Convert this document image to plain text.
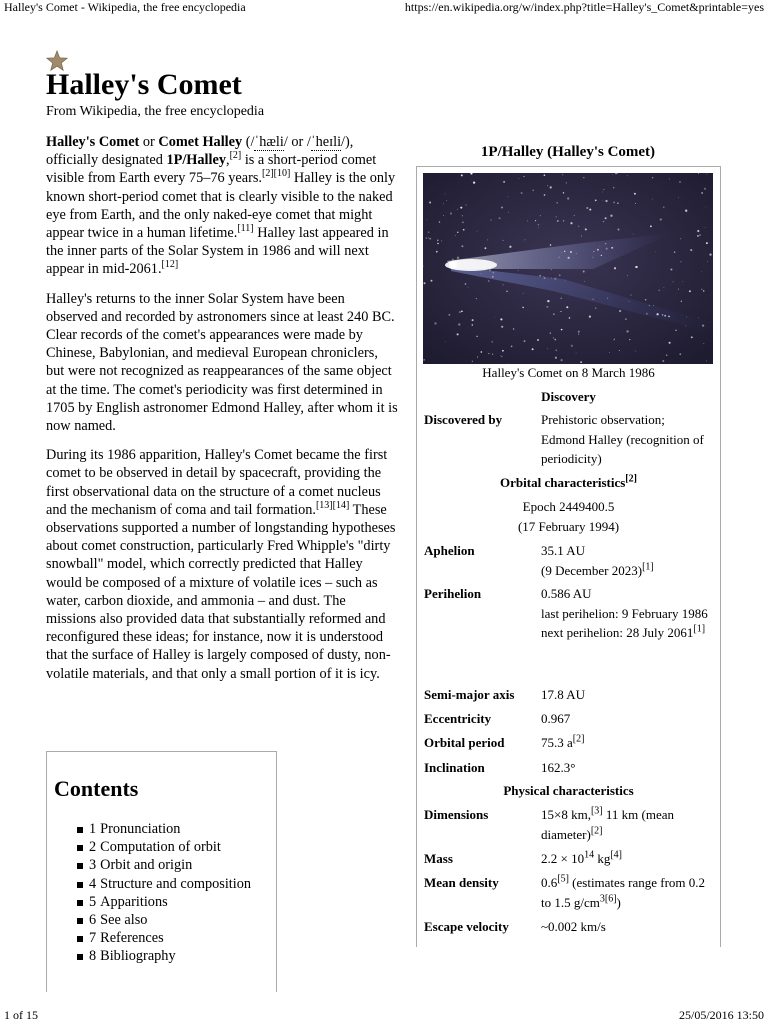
Halley's Comet - Wikipedia, the free encyclopedia	https://en.wikipedia.org/w/index.php?title=Halley's_Comet&printable=yes
Halley's Comet
From Wikipedia, the free encyclopedia

Halley's Comet or Comet Halley (/ˈhæli/ or /ˈheɪli/), officially designated 1P/Halley,[2] is a short-period comet visible from Earth every 75–76 years.[2][10] Halley is the only known short-period comet that is clearly visible to the naked eye from Earth, and the only naked-eye comet that might appear twice in a human lifetime.[11] Halley last appeared in the inner parts of the Solar System in 1986 and will next appear in mid-2061.[12]

Halley's returns to the inner Solar System have been observed and recorded by astronomers since at least 240 BC. Clear records of the comet's appearances were made by Chinese, Babylonian, and medieval European chroniclers, but were not recognized as reappearances of the same object at the time. The comet's periodicity was first determined in 1705 by English astronomer Edmond Halley, after whom it is now named.

During its 1986 apparition, Halley's Comet became the first comet to be observed in detail by spacecraft, providing the first observational data on the structure of a comet nucleus and the mechanism of coma and tail formation.[13][14] These observations supported a number of longstanding hypotheses about comet construction, particularly Fred Whipple's "dirty snowball" model, which correctly predicted that Halley would be composed of a mixture of volatile ices – such as water, carbon dioxide, and ammonia – and dust. The missions also provided data that substantially reformed and reconfigured these ideas; for instance, now it is understood that the surface of Halley is largely composed of dusty, non-volatile materials, and that only a small portion of it is icy.

Contents
1 Pronunciation
2 Computation of orbit
3 Orbit and origin
4 Structure and composition
5 Apparitions
6 See also
7 References
8 Bibliography
1P/Halley (Halley's Comet)
Halley's Comet on 8 March 1986
Discovery
Discovered by	Prehistoric observation;
Edmond Halley (recognition of periodicity)
Orbital characteristics[2]
Epoch 2449400.5
(17 February 1994)
Aphelion	35.1 AU
(9 December 2023)[1]
Perihelion	0.586 AU
last perihelion: 9 February 1986
next perihelion: 28 July 2061[1]
Semi-major axis	17.8 AU
Eccentricity	0.967
Orbital period	75.3 a[2]
Inclination	162.3°
Physical characteristics
Dimensions	15×8 km,[3] 11 km (mean diameter)[2]
Mass	$2.2 \times 10^{14}$ kg[4]
Mean density	0.6[5] (estimates range from 0.2 to 1.5 $g/cm^{3[6]}$)
Escape velocity	~0.002 km/s
1 of 15	25/05/2016 13:50
